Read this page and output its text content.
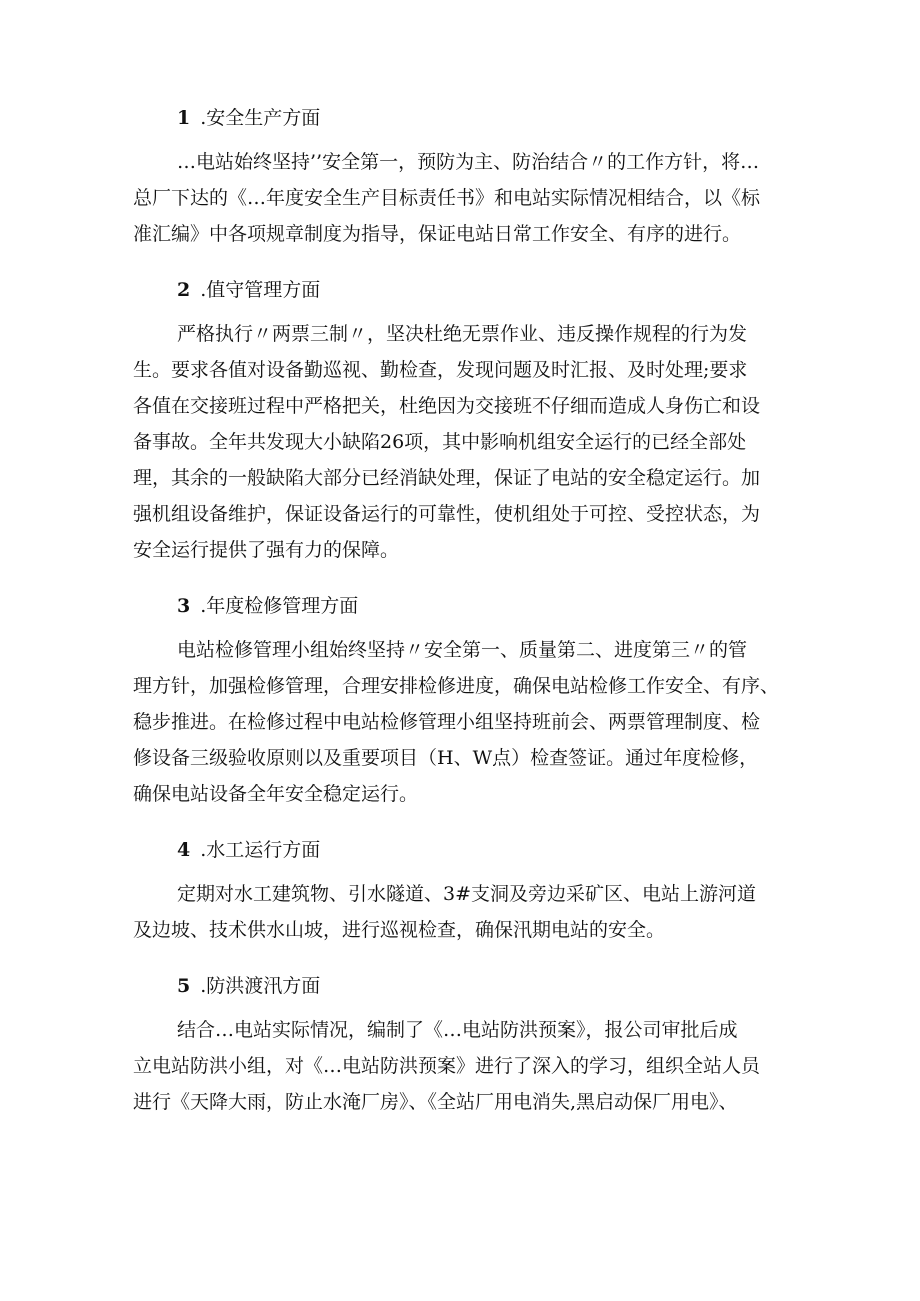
1 .安全生产方面

…电站始终坚持’’安全第一，预防为主、防治结合〃的工作方针，将…
总厂下达的《…年度安全生产目标责任书》和电站实际情况相结合，以《标
准汇编》中各项规章制度为指导，保证电站日常工作安全、有序的进行。

2 .值守管理方面

严格执行〃两票三制〃，坚决杜绝无票作业、违反操作规程的行为发
生。要求各值对设备勤巡视、勤检查，发现问题及时汇报、及时处理;要求
各值在交接班过程中严格把关，杜绝因为交接班不仔细而造成人身伤亡和设
备事故。全年共发现大小缺陷26项，其中影响机组安全运行的已经全部处
理，其余的一般缺陷大部分已经消缺处理，保证了电站的安全稳定运行。加
强机组设备维护，保证设备运行的可靠性，使机组处于可控、受控状态，为
安全运行提供了强有力的保障。

3 .年度检修管理方面

电站检修管理小组始终坚持〃安全第一、质量第二、进度第三〃的管
理方针，加强检修管理，合理安排检修进度，确保电站检修工作安全、有序、
稳步推进。在检修过程中电站检修管理小组坚持班前会、两票管理制度、检
修设备三级验收原则以及重要项目（H、W点）检查签证。通过年度检修，
确保电站设备全年安全稳定运行。

4 .水工运行方面

定期对水工建筑物、引水隧道、3#支洞及旁边采矿区、电站上游河道
及边坡、技术供水山坡，进行巡视检查，确保汛期电站的安全。

5 .防洪渡汛方面

结合…电站实际情况，编制了《…电站防洪预案》，报公司审批后成
立电站防洪小组，对《…电站防洪预案》进行了深入的学习，组织全站人员
进行《天降大雨，防止水淹厂房》、《全站厂用电消失,黑启动保厂用电》、
